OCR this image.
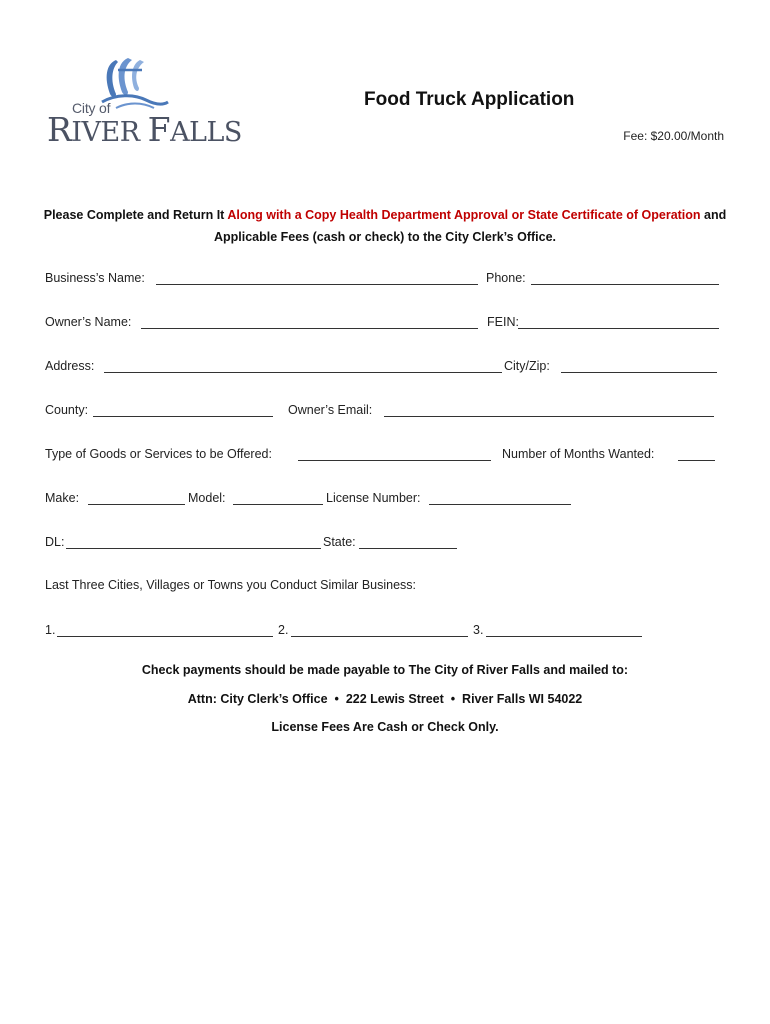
City of
RIVER FALLS
Food Truck Application
Fee: $20.00/Month
Please Complete and Return It Along with a Copy Health Department Approval or State Certificate of Operation and Applicable Fees (cash or check) to the City Clerk’s Office.
Business’s Name:	Phone:
Owner’s Name:	FEIN:
Address:	City/Zip:
County:	Owner’s Email:
Type of Goods or Services to be Offered:	Number of Months Wanted:
Make:	Model:	License Number:
DL:	State:
Last Three Cities, Villages or Towns you Conduct Similar Business:
1.	2.	3.
Check payments should be made payable to The City of River Falls and mailed to:
Attn: City Clerk’s Office  •  222 Lewis Street  •  River Falls WI 54022
License Fees Are Cash or Check Only.
